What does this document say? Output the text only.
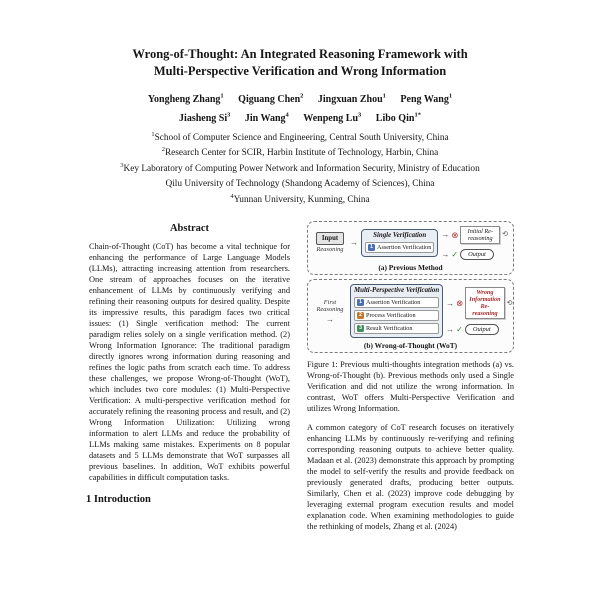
Wrong-of-Thought: An Integrated Reasoning Framework with
Multi-Perspective Verification and Wrong Information
Yongheng Zhang$^1$ Qiguang Chen$^2$ Jingxuan Zhou$^1$ Peng Wang$^1$
Jiasheng Si$^3$ Jin Wang$^4$ Wenpeng Lu$^3$ Libo Qin$^{1*}$
$^1$School of Computer Science and Engineering, Central South University, China
$^2$Research Center for SCIR, Harbin Institute of Technology, Harbin, China
$^3$Key Laboratory of Computing Power Network and Information Security, Ministry of Education
Qilu University of Technology (Shandong Academy of Sciences), China
$^4$Yunnan University, Kunming, China
Abstract

Chain-of-Thought (CoT) has become a vital technique for enhancing the performance of Large Language Models (LLMs), attracting increasing attention from researchers. One stream of approaches focuses on the iterative enhancement of LLMs by continuously verifying and refining their reasoning outputs for desired quality. Despite its impressive results, this paradigm faces two critical issues: (1) Single verification method: The current paradigm relies solely on a single verification method. (2) Wrong Information Ignorance: The traditional paradigm directly ignores wrong information during reasoning and refines the logic paths from scratch each time. To address these challenges, we propose Wrong-of-Thought (WoT), which includes two core modules: (1) Multi-Perspective Verification: A multi-perspective verification method for accurately refining the reasoning process and result, and (2) Wrong Information Utilization: Utilizing wrong information to alert LLMs and reduce the probability of LLMs making same mistakes. Experiments on 8 popular datasets and 5 LLMs demonstrate that WoT surpasses all previous baselines. In addition, WoT exhibits powerful capabilities in difficult computation tasks.

1 Introduction
Input
Reasoning
→
Single Verification
1 Assertion Verification
→ ⊗	Initial Re-reasoning	⟲
→ ✓	Output
(a) Previous Method
First Reasoning
→
Multi-Perspective Verification
1 Assertion Verification
2 Process Verification
3 Result Verification
→ ⊗
Wrong Information Re-reasoning
⟲
→ ✓	Output
(b) Wrong-of-Thought (WoT)
Figure 1: Previous multi-thoughts integration methods (a) vs. Wrong-of-Thought (b). Previous methods only used a Single Verification and did not utilize the wrong information. In contrast, WoT offers Multi-Perspective Verification and utilizes Wrong Information.

A common category of CoT research focuses on iteratively enhancing LLMs by continuously re-verifying and refining corresponding reasoning outputs to achieve better quality. Madaan et al. (2023) demonstrate this approach by prompting the model to self-verify the results and provide feedback on previously generated drafts, producing better outputs. Similarly, Chen et al. (2023) improve code debugging by leveraging external program execution results and model explanation code. When examining methodologies to guide the rethinking of models, Zhang et al. (2024)
